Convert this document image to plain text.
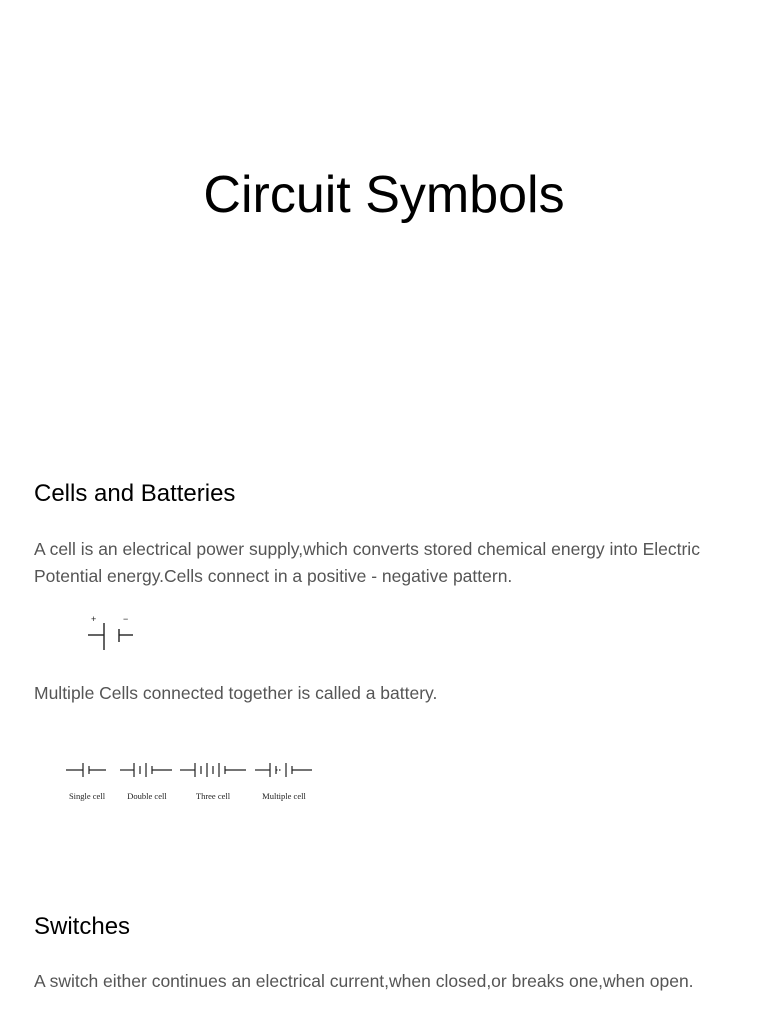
Circuit Symbols
Cells and Batteries
A cell is an electrical power supply,which converts stored chemical energy into Electric Potential energy.Cells connect in a positive - negative pattern.
+	−
Multiple Cells connected together is called a battery.
Single cell	Double cell	Three cell	Multiple cell
Switches
A switch either continues an electrical current,when closed,or breaks one,when open.
